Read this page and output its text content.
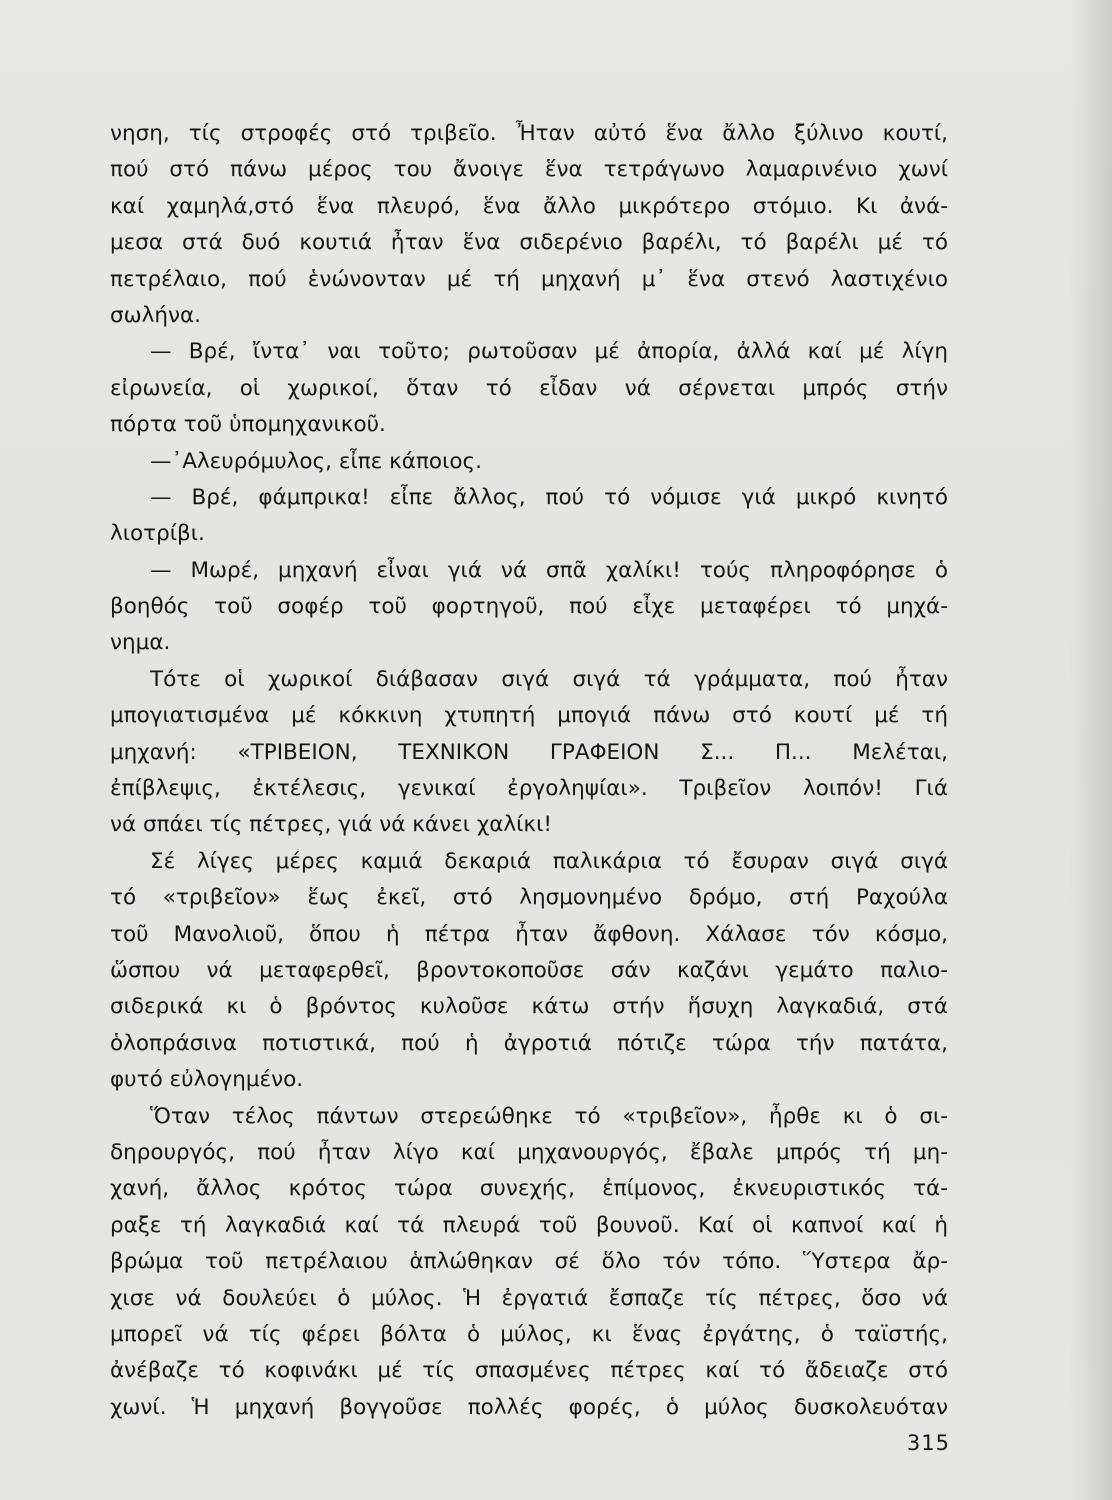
νηση, τίς στροφές στό τριβεῖο. Ἦταν αὐτό ἕνα ἄλλο ξύλινο κουτί,
πού στό πάνω μέρος του ἄνοιγε ἕνα τετράγωνο λαμαρινένιο χωνί
καί χαμηλά,στό ἕνα πλευρό, ἕνα ἄλλο μικρότερο στόμιο. Κι ἀνά-
μεσα στά δυό κουτιά ἦταν ἕνα σιδερένιο βαρέλι, τό βαρέλι μέ τό
πετρέλαιο, πού ἑνώνονταν μέ τή μηχανή μ᾽ ἕνα στενό λαστιχένιο
σωλήνα.
— Βρέ, ἴντα᾽ ναι τοῦτο; ρωτοῦσαν μέ ἀπορία, ἀλλά καί μέ λίγη
εἰρωνεία, οἱ χωρικοί, ὅταν τό εἶδαν νά σέρνεται μπρός στήν
πόρτα τοῦ ὑπομηχανικοῦ.
—᾽Αλευρόμυλος, εἶπε κάποιος.
— Βρέ, φάμπρικα! εἶπε ἄλλος, πού τό νόμισε γιά μικρό κινητό
λιοτρίβι.
— Μωρέ, μηχανή εἶναι γιά νά σπᾶ χαλίκι! τούς πληροφόρησε ὁ
βοηθός τοῦ σοφέρ τοῦ φορτηγοῦ, πού εἶχε μεταφέρει τό μηχά-
νημα.
Τότε οἱ χωρικοί διάβασαν σιγά σιγά τά γράμματα, πού ἦταν
μπογιατισμένα μέ κόκκινη χτυπητή μπογιά πάνω στό κουτί μέ τή
μηχανή: «ΤΡΙΒΕΙΟΝ, ΤΕΧΝΙΚΟΝ ΓΡΑΦΕΙΟΝ Σ... Π... Μελέται,
ἐπίβλεψις, ἐκτέλεσις, γενικαί ἐργοληψίαι». Τριβεῖον λοιπόν! Γιά
νά σπάει τίς πέτρες, γιά νά κάνει χαλίκι!
Σέ λίγες μέρες καμιά δεκαριά παλικάρια τό ἔσυραν σιγά σιγά
τό «τριβεῖον» ἕως ἐκεῖ, στό λησμονημένο δρόμο, στή Ραχούλα
τοῦ Μανολιοῦ, ὅπου ἡ πέτρα ἦταν ἄφθονη. Χάλασε τόν κόσμο,
ὥσπου νά μεταφερθεῖ, βροντοκοποῦσε σάν καζάνι γεμάτο παλιο-
σιδερικά κι ὁ βρόντος κυλοῦσε κάτω στήν ἥσυχη λαγκαδιά, στά
ὁλοπράσινα ποτιστικά, πού ἡ ἀγροτιά πότιζε τώρα τήν πατάτα,
φυτό εὐλογημένο.
Ὅταν τέλος πάντων στερεώθηκε τό «τριβεῖον», ἦρθε κι ὁ σι-
δηρουργός, πού ἦταν λίγο καί μηχανουργός, ἔβαλε μπρός τή μη-
χανή, ἄλλος κρότος τώρα συνεχής, ἐπίμονος, ἐκνευριστικός τά-
ραξε τή λαγκαδιά καί τά πλευρά τοῦ βουνοῦ. Καί οἱ καπνοί καί ἡ
βρώμα τοῦ πετρέλαιου ἁπλώθηκαν σέ ὅλο τόν τόπο. Ὕστερα ἄρ-
χισε νά δουλεύει ὁ μύλος. Ἡ ἐργατιά ἔσπαζε τίς πέτρες, ὅσο νά
μπορεῖ νά τίς φέρει βόλτα ὁ μύλος, κι ἕνας ἐργάτης, ὁ ταϊστής,
ἀνέβαζε τό κοφινάκι μέ τίς σπασμένες πέτρες καί τό ἄδειαζε στό
χωνί. Ἡ μηχανή βογγοῦσε πολλές φορές, ὁ μύλος δυσκολευόταν
315
